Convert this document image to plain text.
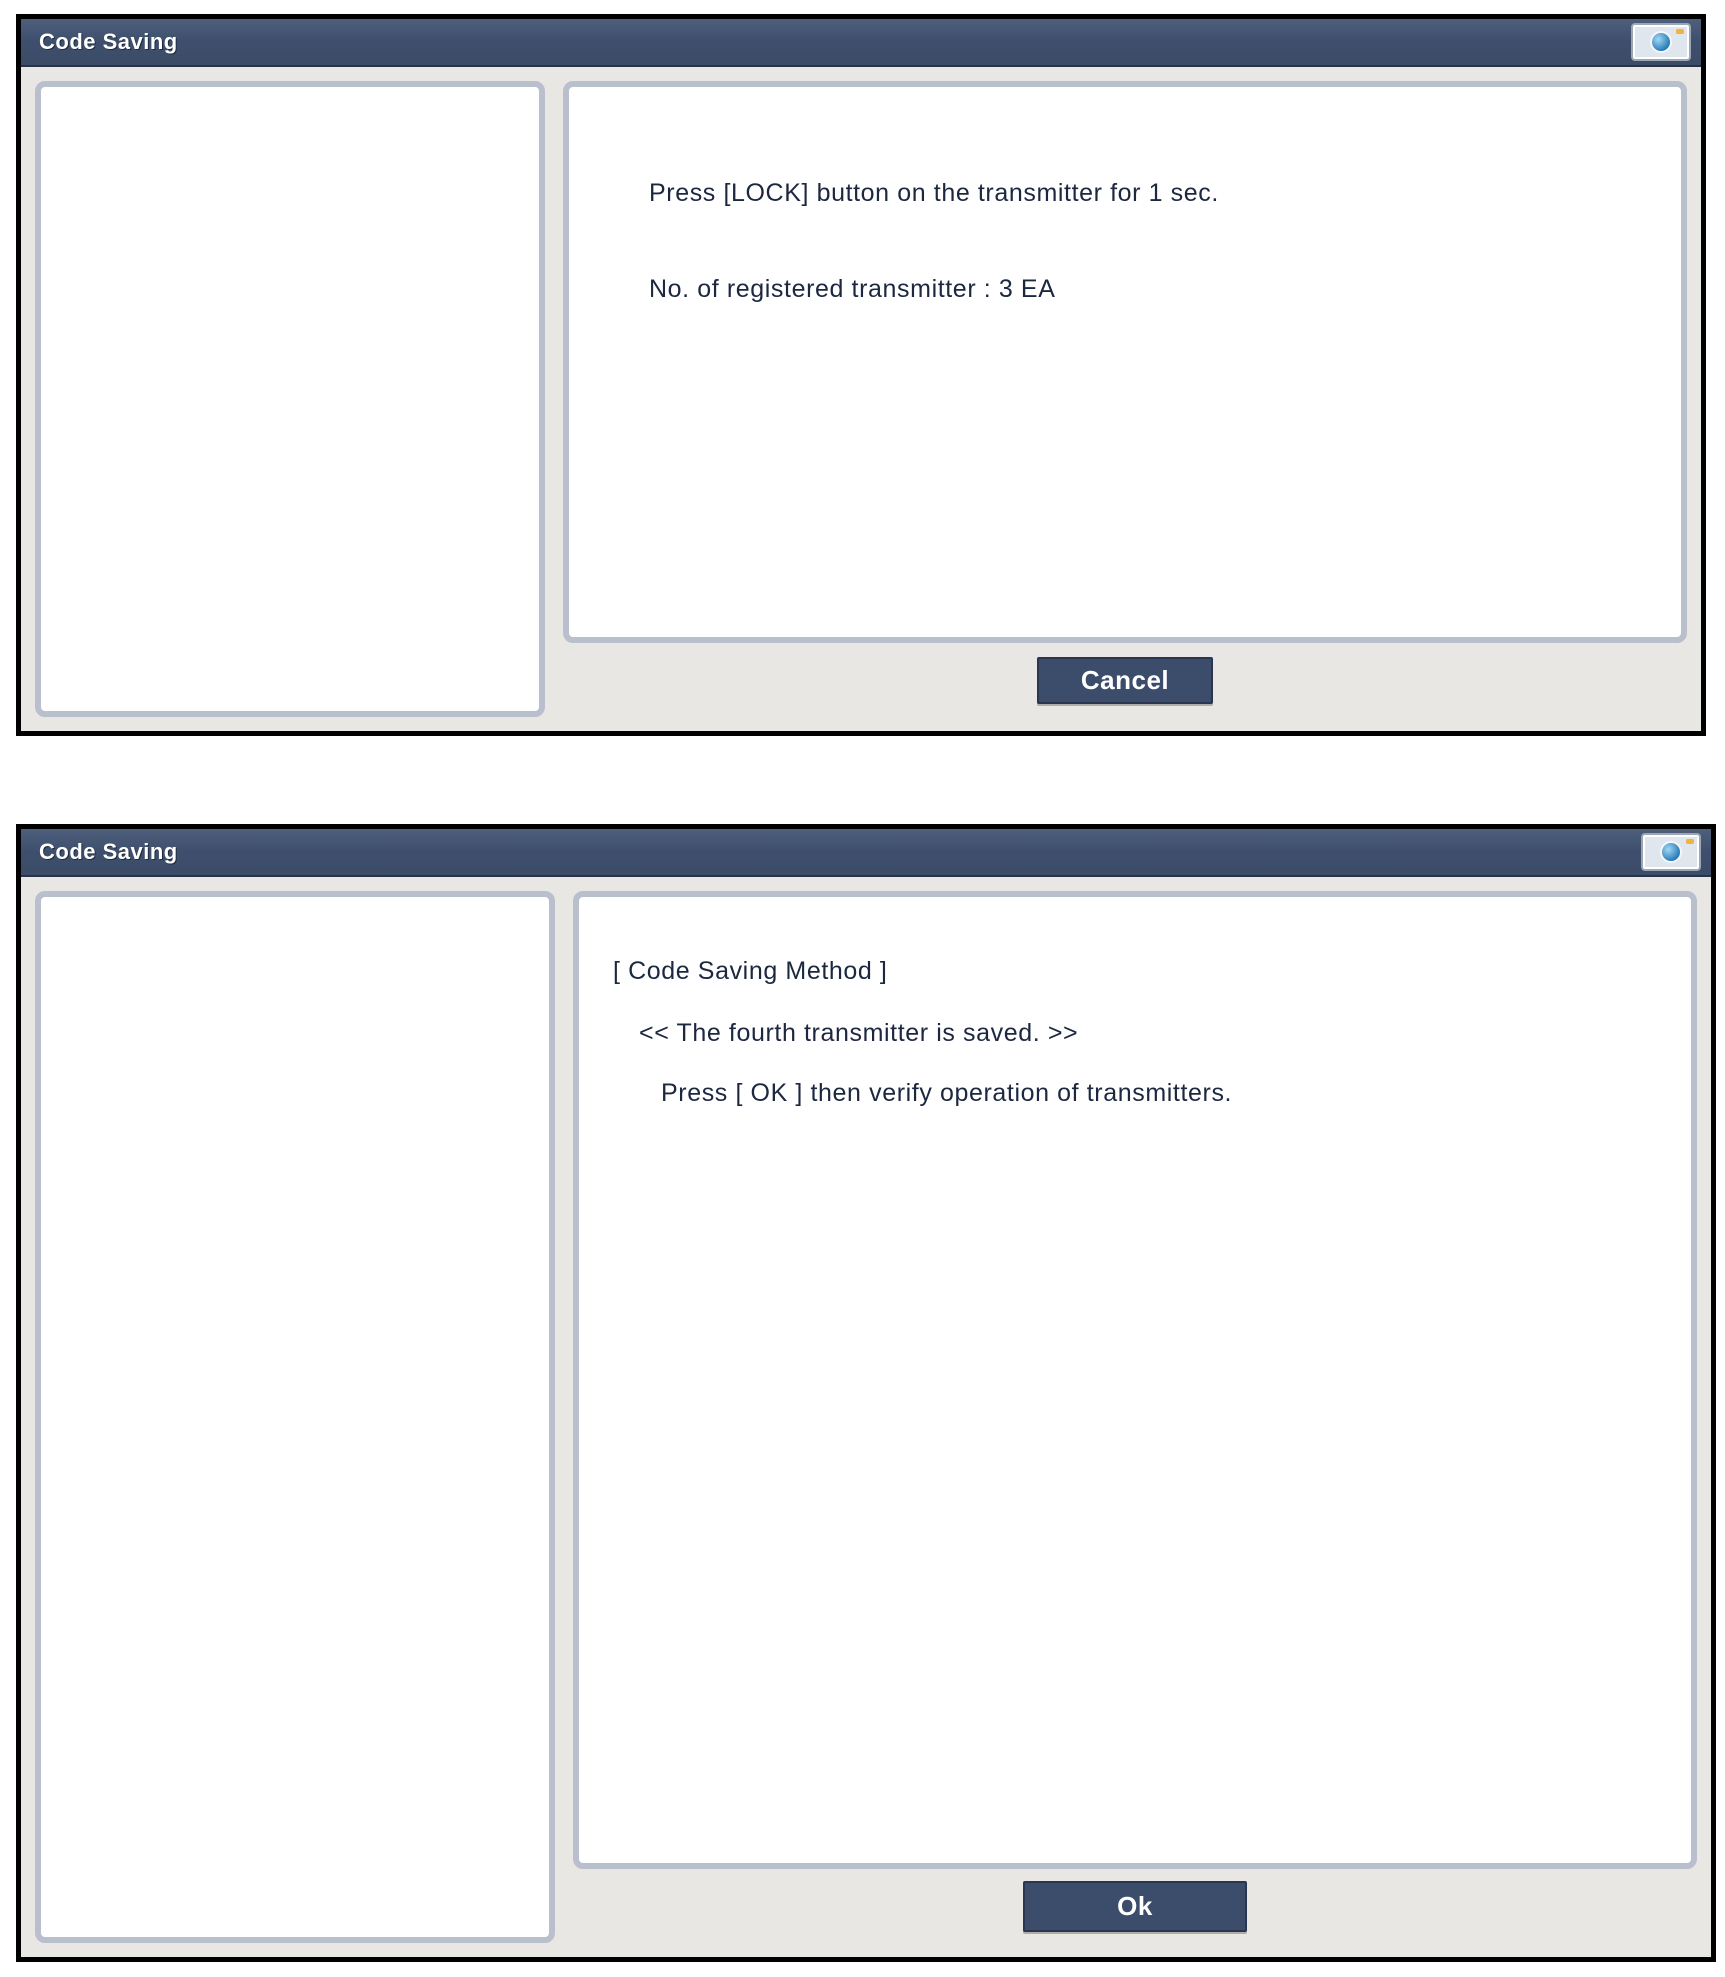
Code Saving
Press [LOCK] button on the transmitter for 1 sec.
No. of registered transmitter : 3 EA
Cancel
Code Saving
[ Code Saving Method ]
<< The fourth transmitter is saved. >>
Press [ OK ] then verify operation of transmitters.
Ok
